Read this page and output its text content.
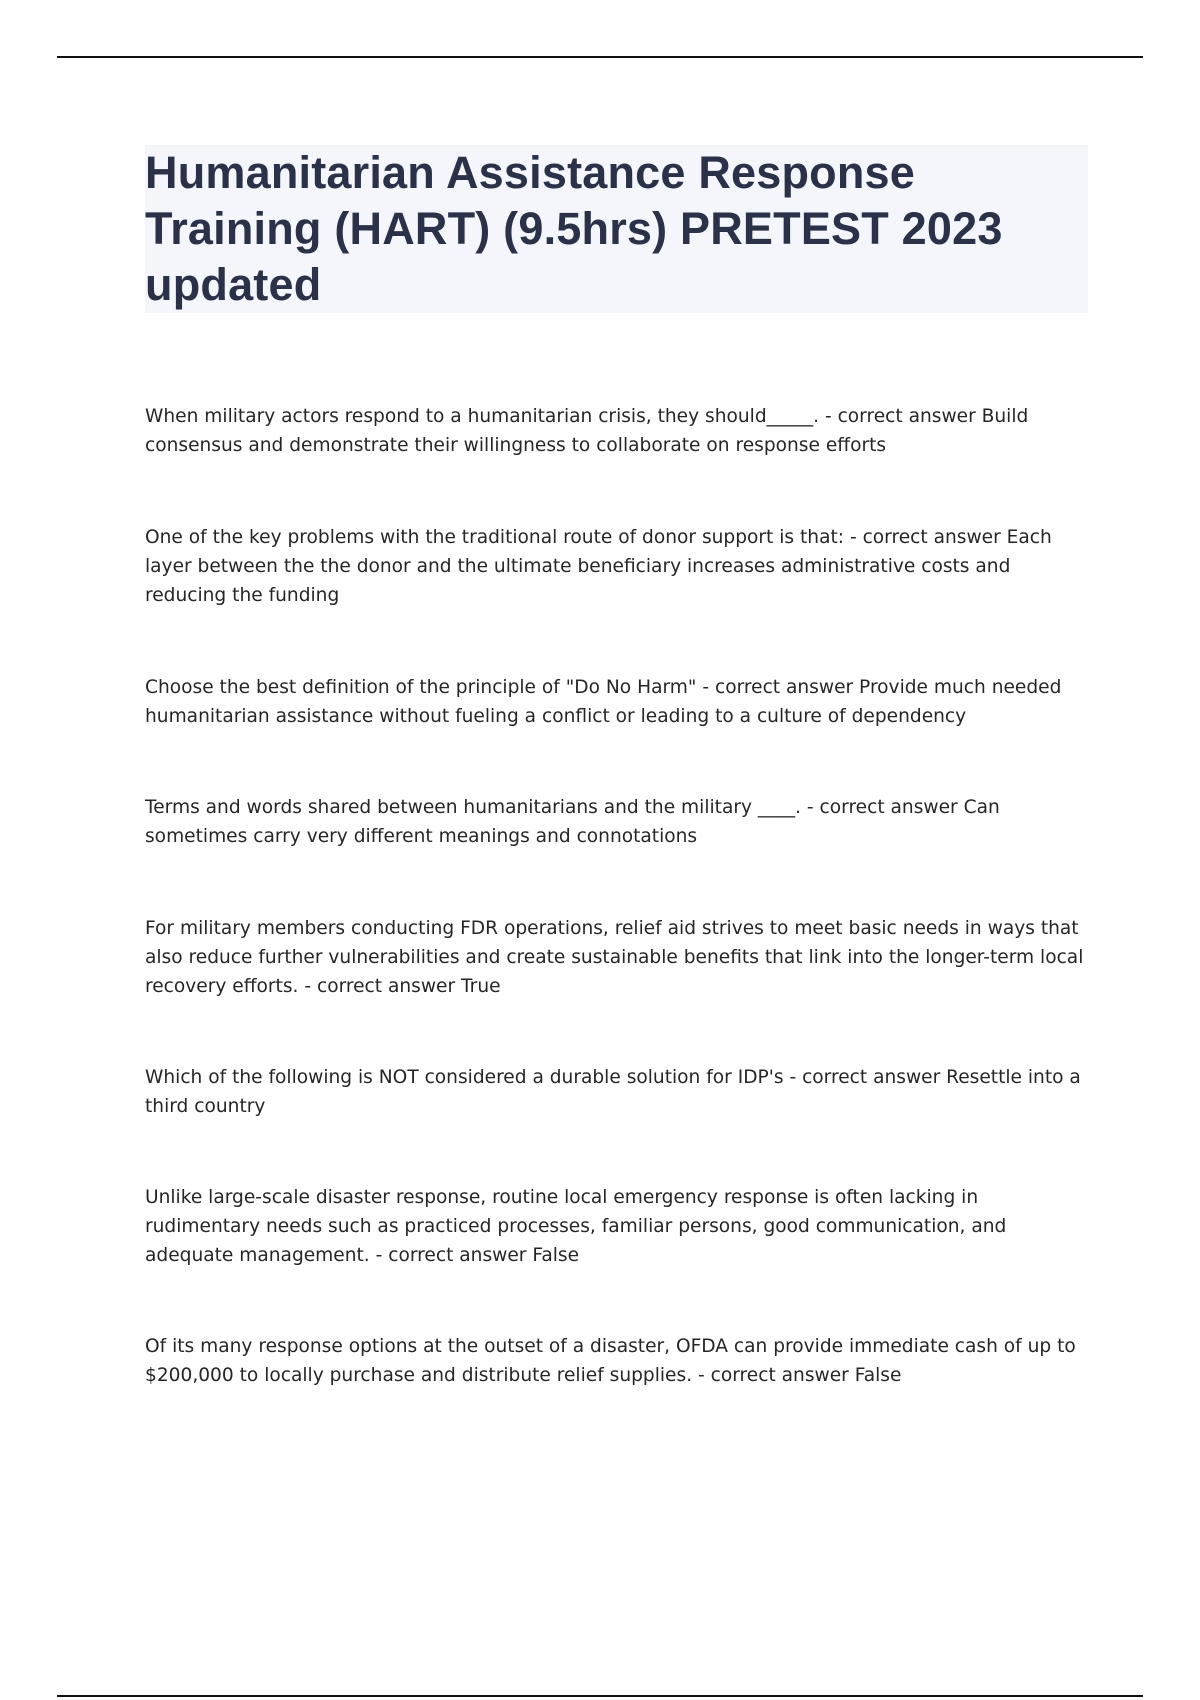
Humanitarian Assistance Response Training (HART) (9.5hrs) PRETEST 2023 updated

When military actors respond to a humanitarian crisis, they should_____. - correct answer Build consensus and demonstrate their willingness to collaborate on response efforts

One of the key problems with the traditional route of donor support is that: - correct answer Each layer between the the donor and the ultimate beneficiary increases administrative costs and reducing the funding

Choose the best definition of the principle of "Do No Harm" - correct answer Provide much needed humanitarian assistance without fueling a conflict or leading to a culture of dependency

Terms and words shared between humanitarians and the military ____. - correct answer Can sometimes carry very different meanings and connotations

For military members conducting FDR operations, relief aid strives to meet basic needs in ways that also reduce further vulnerabilities and create sustainable benefits that link into the longer-term local recovery efforts. - correct answer True

Which of the following is NOT considered a durable solution for IDP's - correct answer Resettle into a third country

Unlike large-scale disaster response, routine local emergency response is often lacking in rudimentary needs such as practiced processes, familiar persons, good communication, and adequate management. - correct answer False

Of its many response options at the outset of a disaster, OFDA can provide immediate cash of up to $200,000 to locally purchase and distribute relief supplies. - correct answer False
